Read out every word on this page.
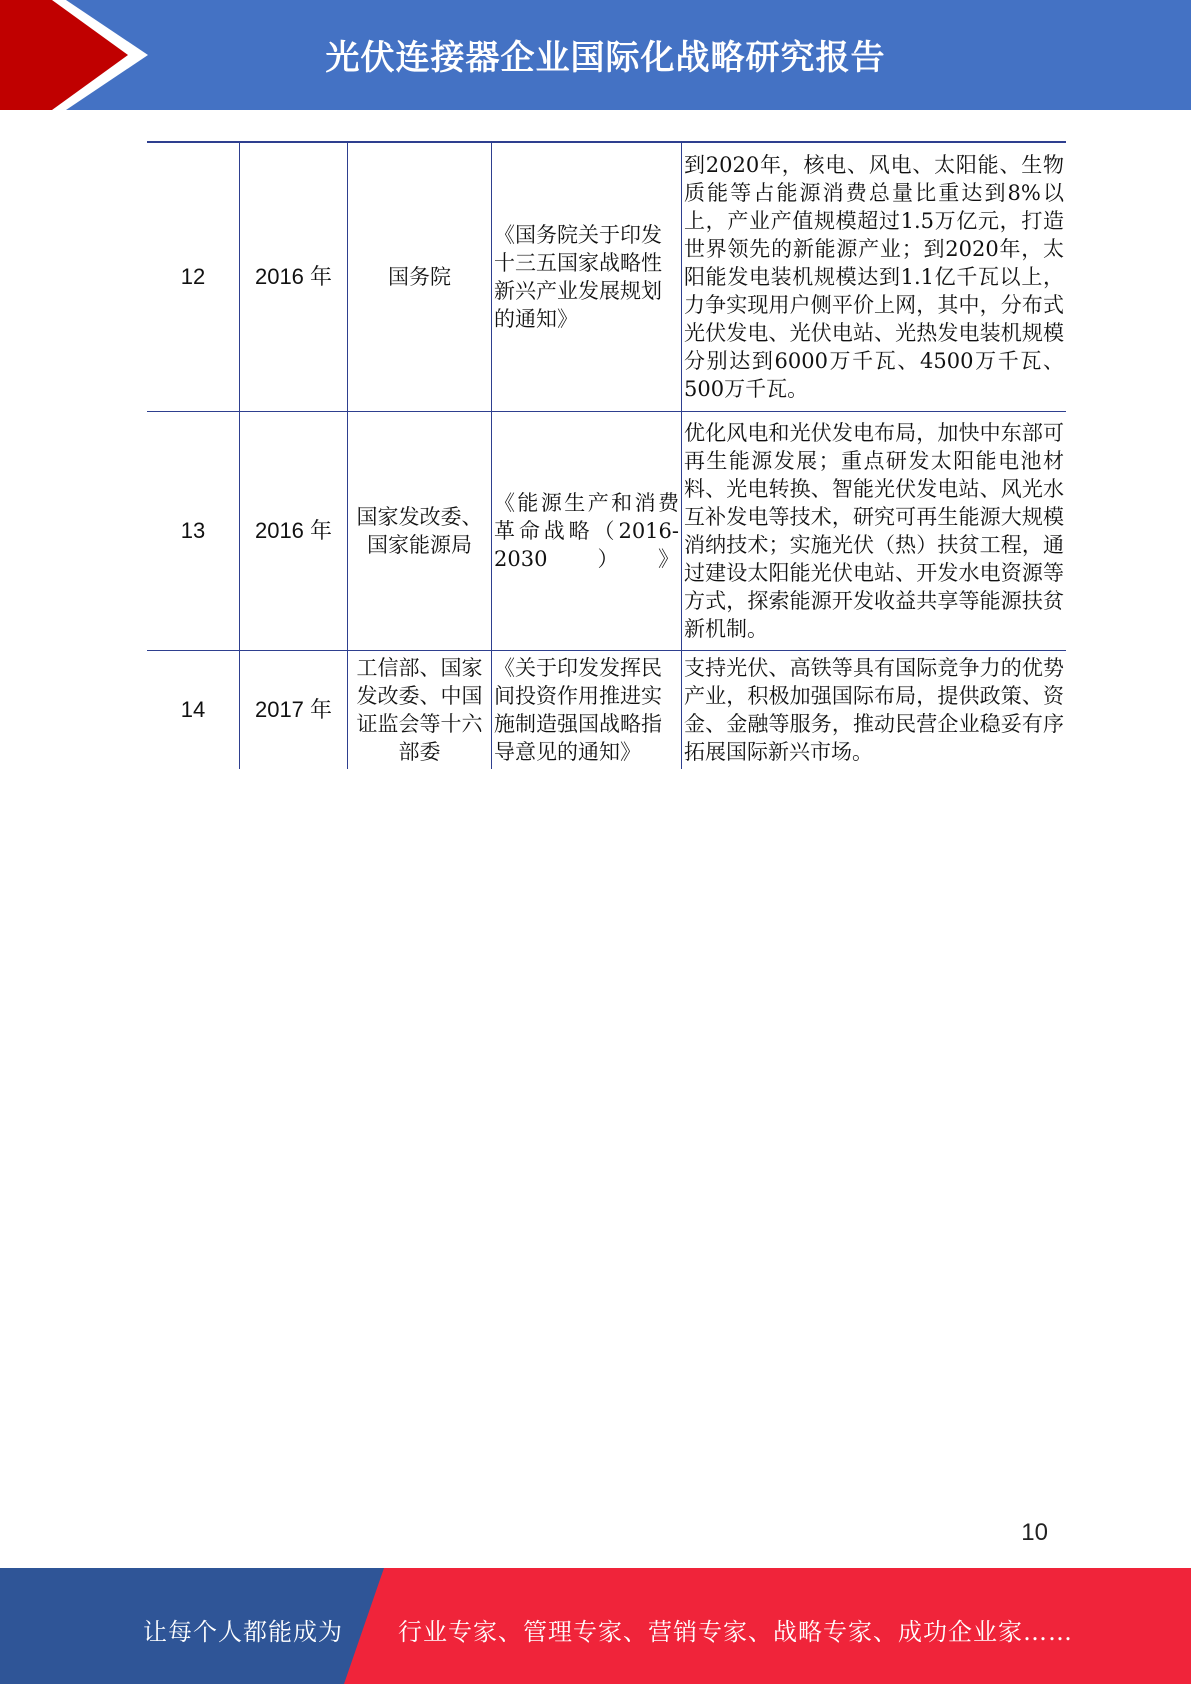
光伏连接器企业国际化战略研究报告
12	2016 年	国务院	《国务院关于印发十三五国家战略性新兴产业发展规划的通知》	到2020年，核电、风电、太阳能、生物质能等占能源消费总量比重达到8%以上，产业产值规模超过1.5万亿元，打造世界领先的新能源产业；到2020年，太阳能发电装机规模达到1.1亿千瓦以上，力争实现用户侧平价上网，其中，分布式光伏发电、光伏电站、光热发电装机规模分别达到6000万千瓦、4500万千瓦、500万千瓦。
13	2016 年	国家发改委、国家能源局	《能源生产和消费革命战略（2016-2030）》	优化风电和光伏发电布局，加快中东部可再生能源发展；重点研发太阳能电池材料、光电转换、智能光伏发电站、风光水互补发电等技术，研究可再生能源大规模消纳技术；实施光伏（热）扶贫工程，通过建设太阳能光伏电站、开发水电资源等方式，探索能源开发收益共享等能源扶贫新机制。
14	2017 年	工信部、国家发改委、中国证监会等十六部委	《关于印发发挥民间投资作用推进实施制造强国战略指导意见的通知》	支持光伏、高铁等具有国际竞争力的优势产业，积极加强国际布局，提供政策、资金、金融等服务，推动民营企业稳妥有序拓展国际新兴市场。
10
让每个人都能成为 行业专家、管理专家、营销专家、战略专家、成功企业家……
